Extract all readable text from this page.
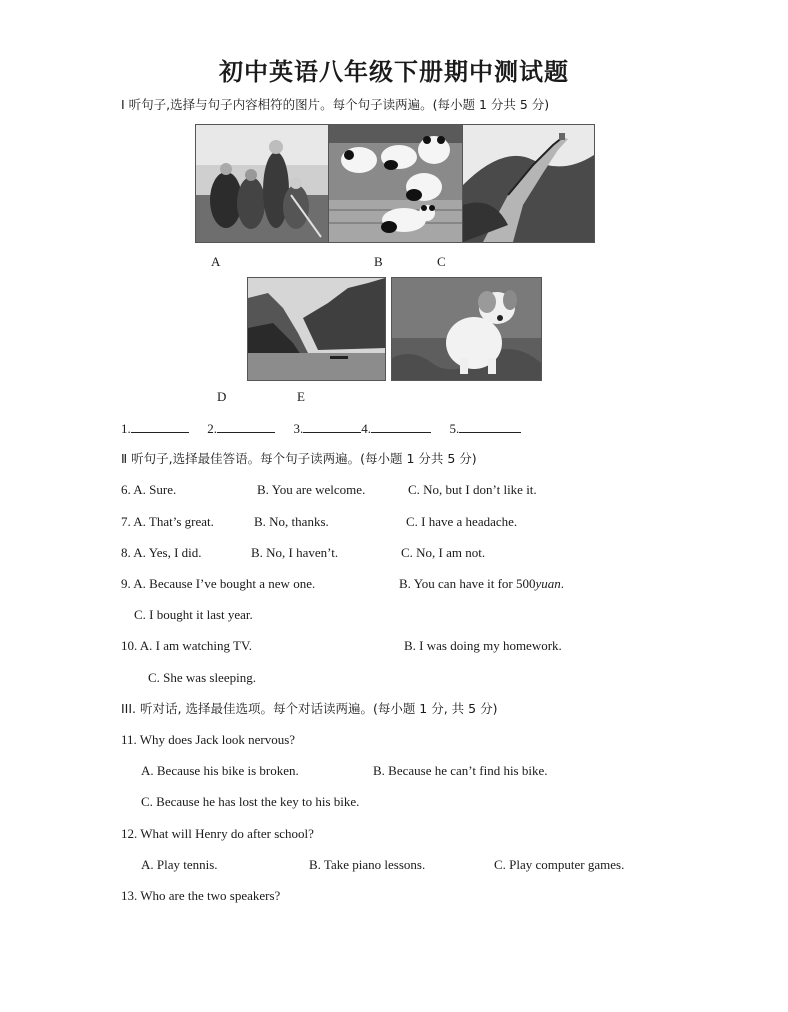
初中英语八年级下册期中测试题
Ⅰ 听句子,选择与句子内容相符的图片。每个句子读两遍。(每小题 1 分共 5 分)
A	B	C
D	E
1.	2.	3.	4.	5.
Ⅱ 听句子,选择最佳答语。每个句子读两遍。(每小题 1 分共 5 分)
6. A. Sure.	B. You are welcome.	C. No, but I don’t like it.
7. A. That’s great.	B. No, thanks.	C. I have a headache.
8. A. Yes, I did.	B. No, I haven’t.	C. No, I am not.
9. A. Because I’ve bought a new one.	B. You can have it for 500yuan.
C. I bought it last year.
10. A. I am watching TV.	B. I was doing my homework.
C. She was sleeping.
III. 听对话, 选择最佳选项。每个对话读两遍。(每小题 1 分, 共 5 分)
11. Why does Jack look nervous?
A. Because his bike is broken.	B. Because he can’t find his bike.
C. Because he has lost the key to his bike.
12. What will Henry do after school?
A. Play tennis.	B. Take piano lessons.	C. Play computer games.
13. Who are the two speakers?
